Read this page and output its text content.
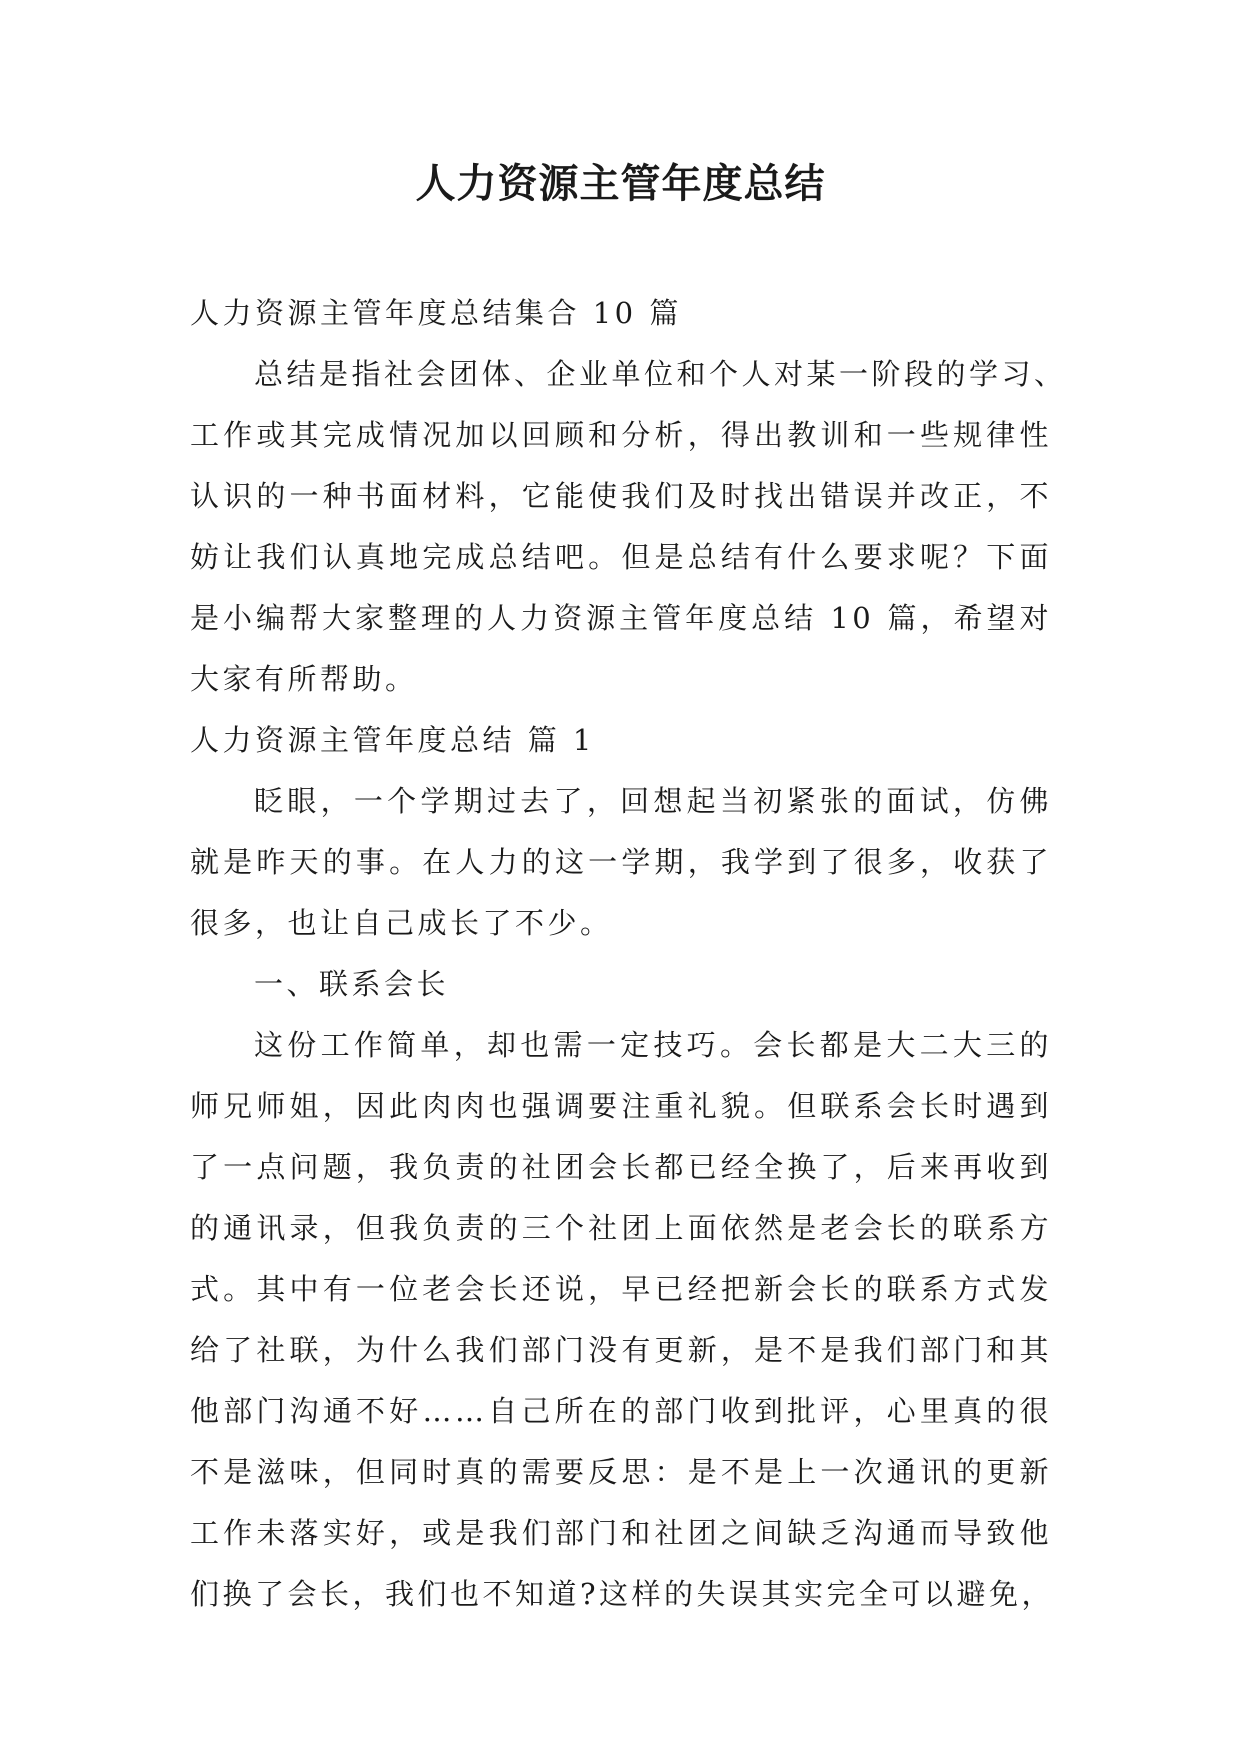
人力资源主管年度总结
人力资源主管年度总结集合 10 篇
总结是指社会团体、企业单位和个人对某一阶段的学习、
工作或其完成情况加以回顾和分析，得出教训和一些规律性
认识的一种书面材料，它能使我们及时找出错误并改正，不
妨让我们认真地完成总结吧。但是总结有什么要求呢？下面
是小编帮大家整理的人力资源主管年度总结 10 篇，希望对
大家有所帮助。
人力资源主管年度总结 篇 1
眨眼，一个学期过去了，回想起当初紧张的面试，仿佛
就是昨天的事。在人力的这一学期，我学到了很多，收获了
很多，也让自己成长了不少。
一、联系会长
这份工作简单，却也需一定技巧。会长都是大二大三的
师兄师姐，因此肉肉也强调要注重礼貌。但联系会长时遇到
了一点问题，我负责的社团会长都已经全换了，后来再收到
的通讯录，但我负责的三个社团上面依然是老会长的联系方
式。其中有一位老会长还说，早已经把新会长的联系方式发
给了社联，为什么我们部门没有更新，是不是我们部门和其
他部门沟通不好……自己所在的部门收到批评，心里真的很
不是滋味，但同时真的需要反思：是不是上一次通讯的更新
工作未落实好，或是我们部门和社团之间缺乏沟通而导致他
们换了会长，我们也不知道?这样的失误其实完全可以避免，
